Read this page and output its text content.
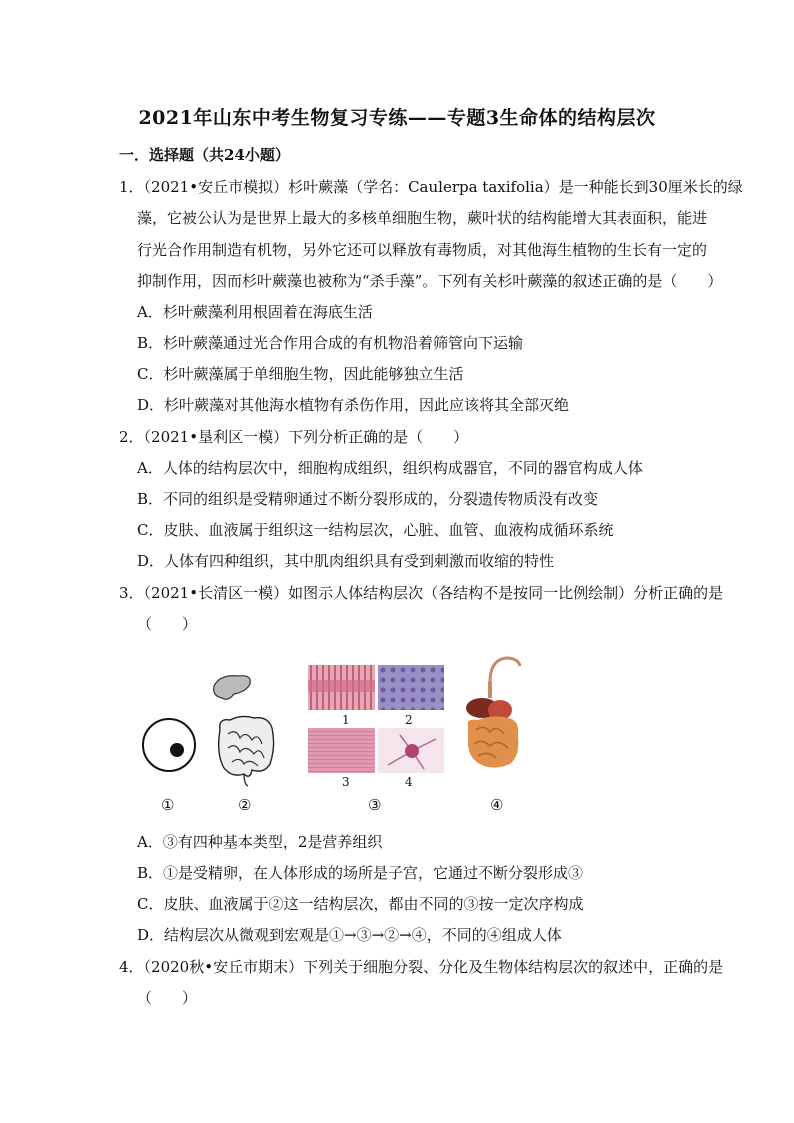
2021年山东中考生物复习专练——专题3生命体的结构层次
一．选择题（共24小题）
1．（2021•安丘市模拟）杉叶蕨藻（学名：Caulerpa taxifolia）是一种能长到30厘米长的绿
藻，它被公认为是世界上最大的多核单细胞生物，蕨叶状的结构能增大其表面积，能进
行光合作用制造有机物，另外它还可以释放有毒物质，对其他海生植物的生长有一定的
抑制作用，因而杉叶蕨藻也被称为“杀手藻”。下列有关杉叶蕨藻的叙述正确的是（　　）
A．杉叶蕨藻利用根固着在海底生活
B．杉叶蕨藻通过光合作用合成的有机物沿着筛管向下运输
C．杉叶蕨藻属于单细胞生物，因此能够独立生活
D．杉叶蕨藻对其他海水植物有杀伤作用，因此应该将其全部灭绝
2．（2021•垦利区一模）下列分析正确的是（　　）
A．人体的结构层次中，细胞构成组织，组织构成器官，不同的器官构成人体
B．不同的组织是受精卵通过不断分裂形成的，分裂遗传物质没有改变
C．皮肤、血液属于组织这一结构层次，心脏、血管、血液构成循环系统
D．人体有四种组织，其中肌肉组织具有受到刺激而收缩的特性
3．（2021•长清区一模）如图示人体结构层次（各结构不是按同一比例绘制）分析正确的是
（　　）
1	2
3	4
①	②	③	④
A．③有四种基本类型，2是营养组织
B．①是受精卵，在人体形成的场所是子宫，它通过不断分裂形成③
C．皮肤、血液属于②这一结构层次，都由不同的③按一定次序构成
D．结构层次从微观到宏观是①→③→②→④，不同的④组成人体
4．（2020秋•安丘市期末）下列关于细胞分裂、分化及生物体结构层次的叙述中，正确的是
（　　）
